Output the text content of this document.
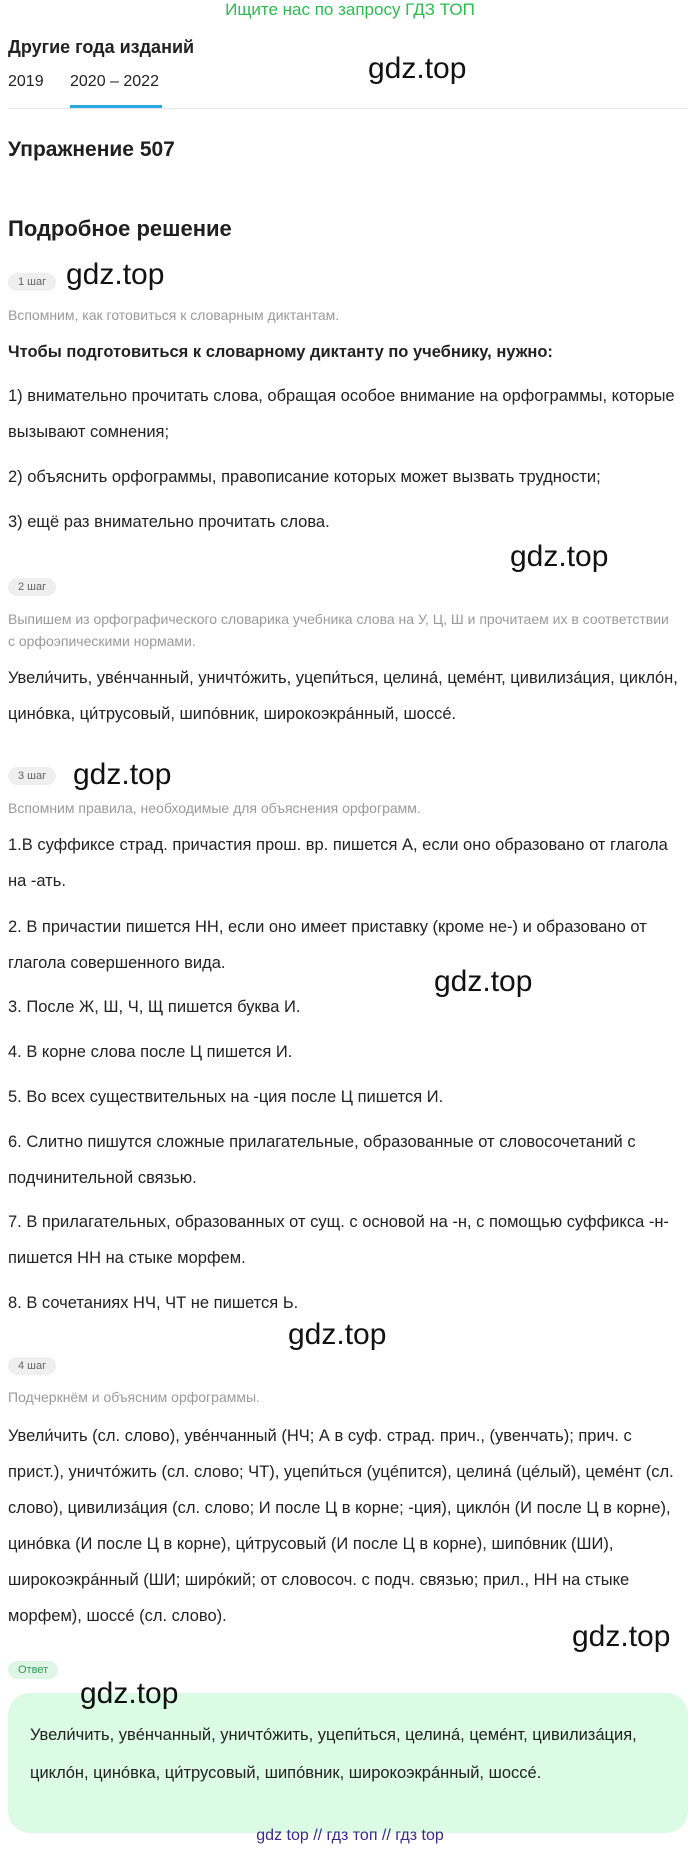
Ищите нас по запросу ГДЗ ТОП
Другие года изданий
2019 2020 – 2022	gdz.top
Упражнение 507
Подробное решение
1 шаг gdz.top
Вспомним, как готовиться к словарным диктантам.
Чтобы подготовиться к словарному диктанту по учебнику, нужно:
1) внимательно прочитать слова, обращая особое внимание на орфограммы, которые вызывают сомнения;
2) объяснить орфограммы, правописание которых может вызвать трудности;
3) ещё раз внимательно прочитать слова.
gdz.top
2 шаг
Выпишем из орфографического словарика учебника слова на У, Ц, Ш и прочитаем их в соответствии с орфоэпическими нормами.
Увели́чить, увéнчанный, уничтóжить, уцепи́ться, целинá, цемéнт, цивилизáция, циклóн, цинóвка, ци́трусовый, шипóвник, широкоэкрáнный, шоссé.
3 шаг gdz.top
Вспомним правила, необходимые для объяснения орфограмм.
1.В суффиксе страд. причастия прош. вр. пишется А, если оно образовано от глагола на -ать.
2. В причастии пишется НН, если оно имеет приставку (кроме не-) и образовано от глагола совершенного вида.
gdz.top
3. После Ж, Ш, Ч, Щ пишется буква И.
4. В корне слова после Ц пишется И.
5. Во всех существительных на -ция после Ц пишется И.
6. Слитно пишутся сложные прилагательные, образованные от словосочетаний с подчинительной связью.
7. В прилагательных, образованных от сущ. с основой на -н, с помощью суффикса -н- пишется НН на стыке морфем.
8. В сочетаниях НЧ, ЧТ не пишется Ь.
gdz.top
4 шаг
Подчеркнём и объясним орфограммы.
Увели́чить (сл. слово), увéнчанный (НЧ; А в суф. страд. прич., (увенчать); прич. с прист.), уничтóжить (сл. слово; ЧТ), уцепи́ться (уцéпится), целинá (цéлый), цемéнт (сл. слово), цивилизáция (сл. слово; И после Ц в корне; -ция), циклóн (И после Ц в корне), цинóвка (И после Ц в корне), ци́трусовый (И после Ц в корне), шипóвник (ШИ), широкоэкрáнный (ШИ; широ́кий; от словосоч. с подч. связью; прил., НН на стыке морфем), шоссé (сл. слово).
gdz.top
Ответ
gdz.top
Увели́чить, увéнчанный, уничтóжить, уцепи́ться, целинá, цемéнт, цивилизáция, циклóн, цинóвка, ци́трусовый, шипóвник, широкоэкрáнный, шоссé.
gdz top // гдз топ // гдз top
